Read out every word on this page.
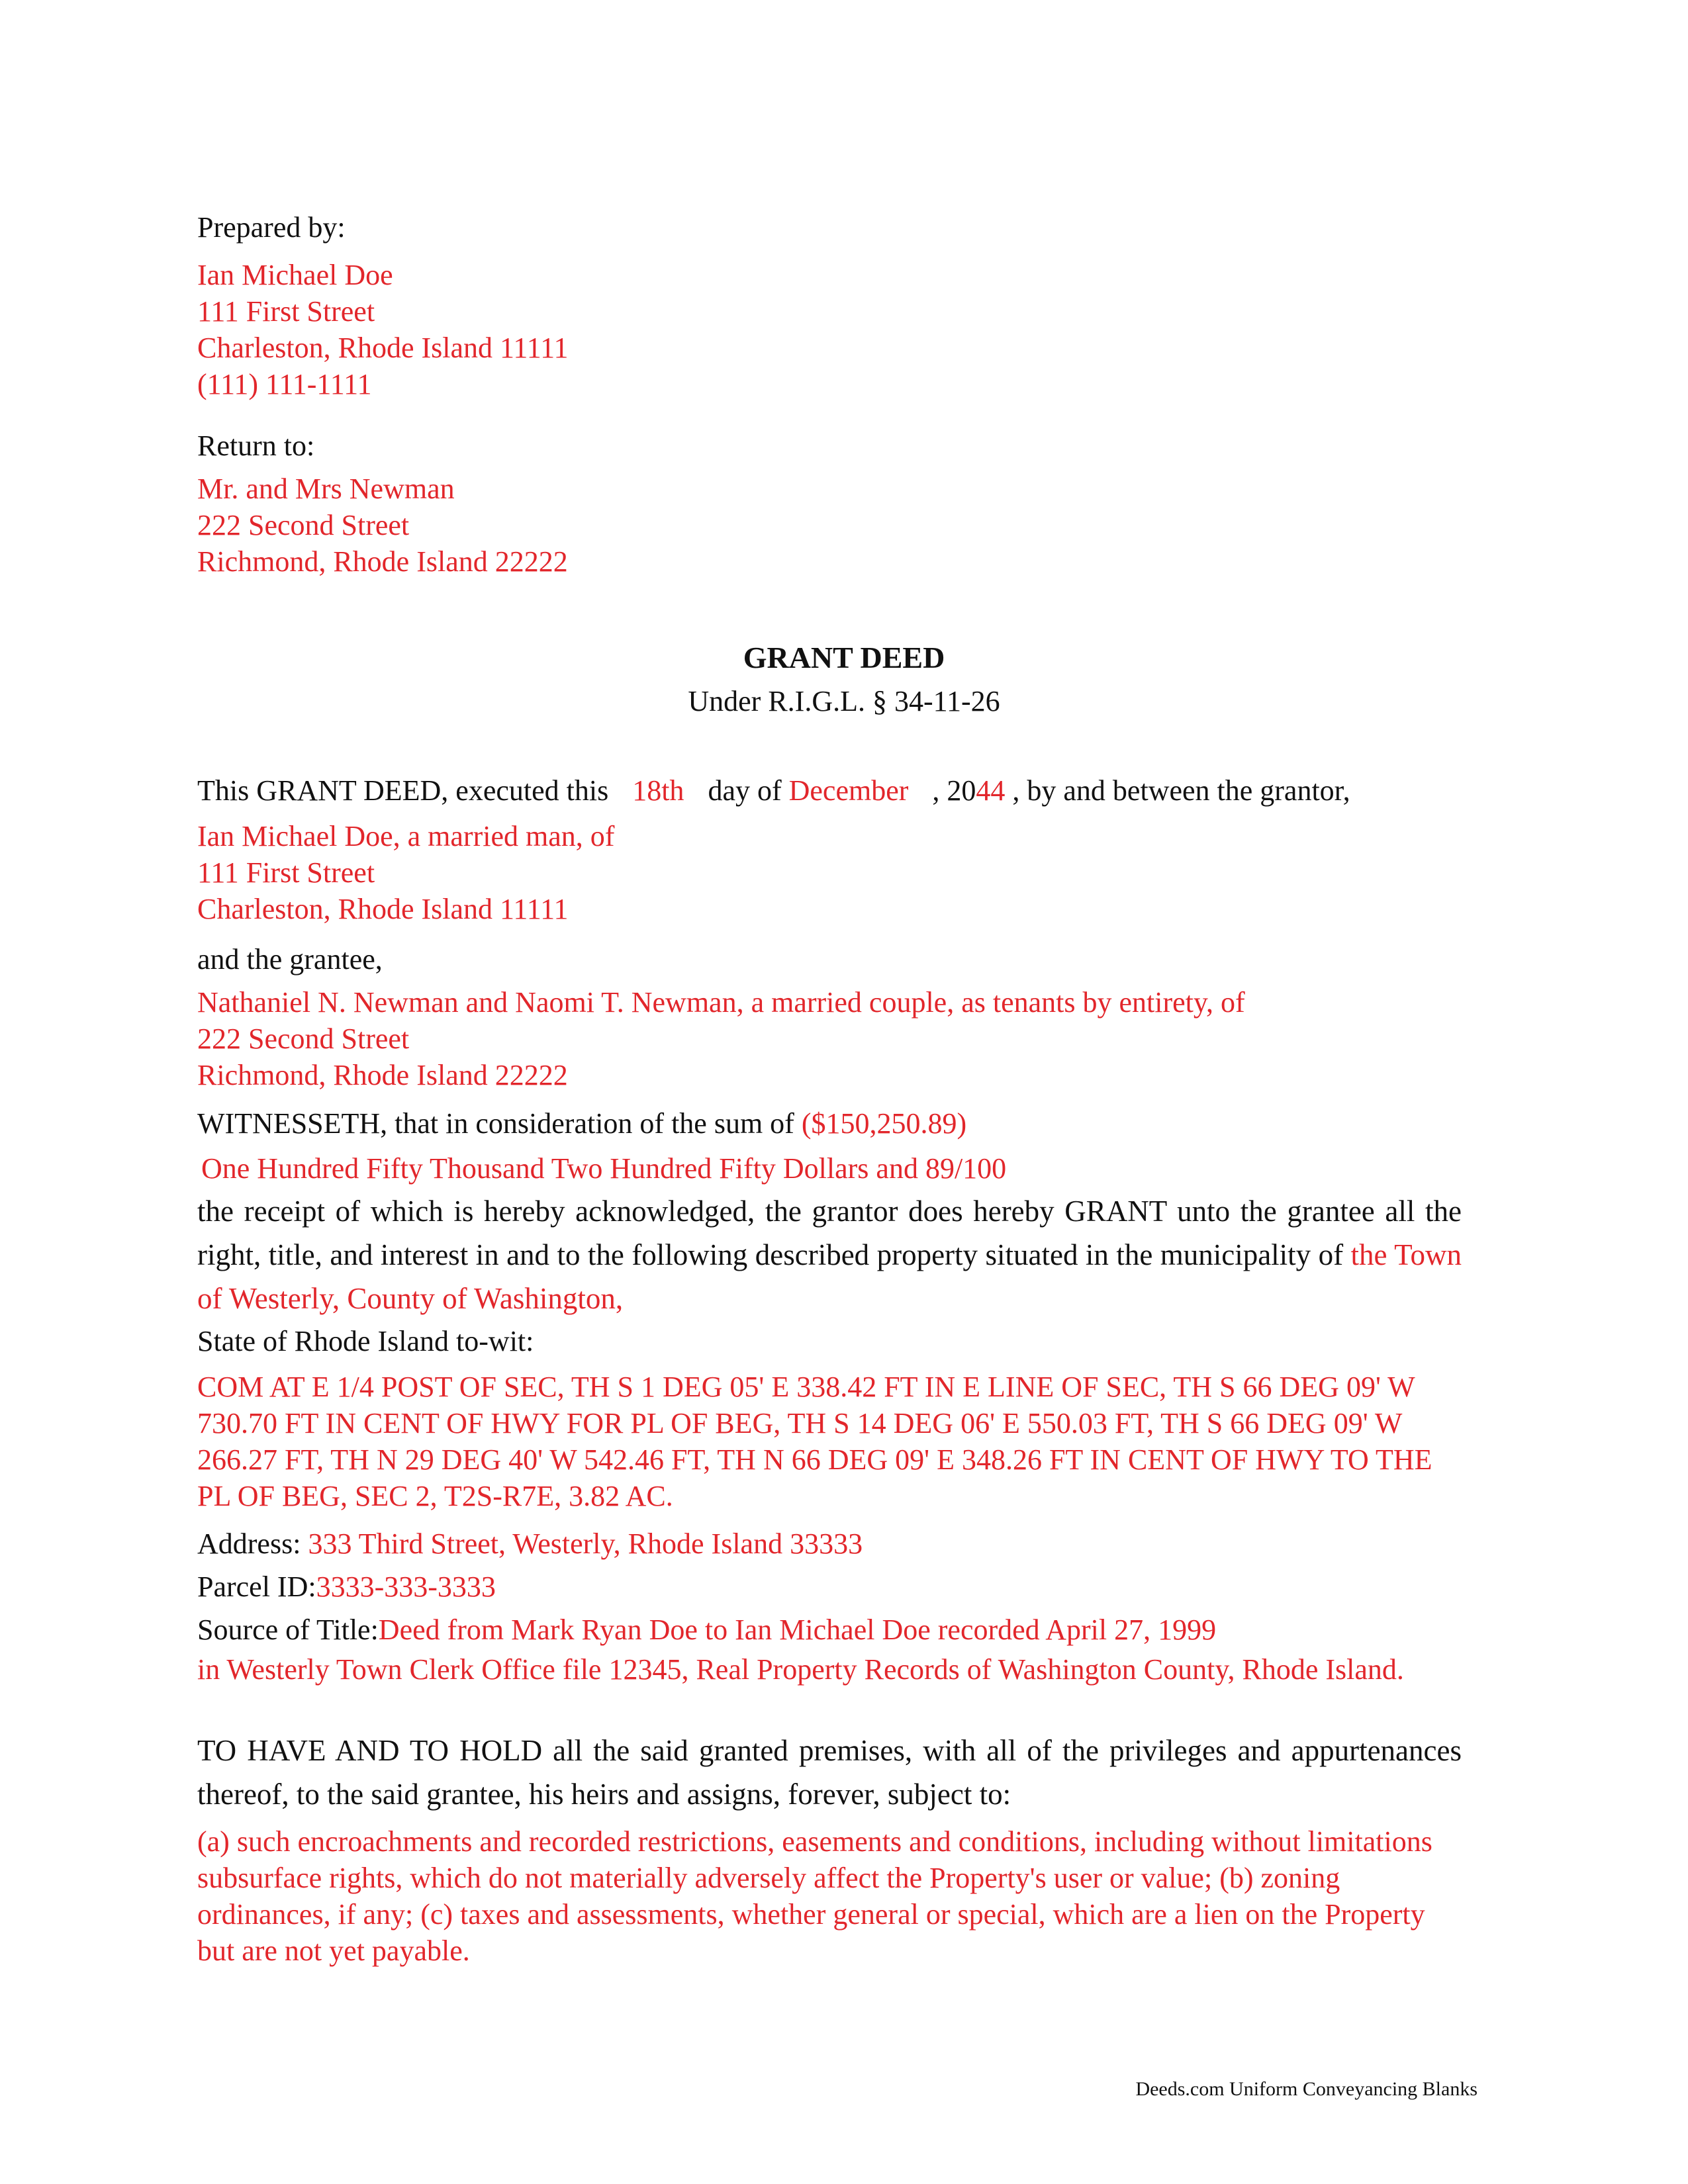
Prepared by:
Ian Michael Doe
111 First Street
Charleston, Rhode Island 11111
(111) 111-1111
Return to:
Mr. and Mrs Newman
222 Second Street
Richmond, Rhode Island 22222
GRANT DEED
Under R.I.G.L. § 34-11-26
This GRANT DEED, executed this 18th day of December , 2044 , by and between the grantor,
Ian Michael Doe, a married man, of
111 First Street
Charleston, Rhode Island 11111
and the grantee,
Nathaniel N. Newman and Naomi T. Newman, a married couple, as tenants by entirety, of
222 Second Street
Richmond, Rhode Island 22222
WITNESSETH, that in consideration of the sum of ($150,250.89)
One Hundred Fifty Thousand Two Hundred Fifty Dollars and 89/100
the receipt of which is hereby acknowledged, the grantor does hereby GRANT unto the grantee all the right, title, and interest in and to the following described property situated in the municipality of the Town of Westerly, County of Washington,
State of Rhode Island to-wit:
COM AT E 1/4 POST OF SEC, TH S 1 DEG 05' E 338.42 FT IN E LINE OF SEC, TH S 66 DEG 09' W 730.70 FT IN CENT OF HWY FOR PL OF BEG, TH S 14 DEG 06' E 550.03 FT, TH S 66 DEG 09' W 266.27 FT, TH N 29 DEG 40' W 542.46 FT, TH N 66 DEG 09' E 348.26 FT IN CENT OF HWY TO THE PL OF BEG, SEC 2, T2S-R7E, 3.82 AC.
Address: 333 Third Street, Westerly, Rhode Island 33333
Parcel ID:3333-333-3333
Source of Title:Deed from Mark Ryan Doe to Ian Michael Doe recorded April 27, 1999
in Westerly Town Clerk Office file 12345, Real Property Records of Washington County, Rhode Island.
TO HAVE AND TO HOLD all the said granted premises, with all of the privileges and appurtenances thereof, to the said grantee, his heirs and assigns, forever, subject to:
(a) such encroachments and recorded restrictions, easements and conditions, including without limitations subsurface rights, which do not materially adversely affect the Property's user or value; (b) zoning ordinances, if any; (c) taxes and assessments, whether general or special, which are a lien on the Property but are not yet payable.
Deeds.com Uniform Conveyancing Blanks
